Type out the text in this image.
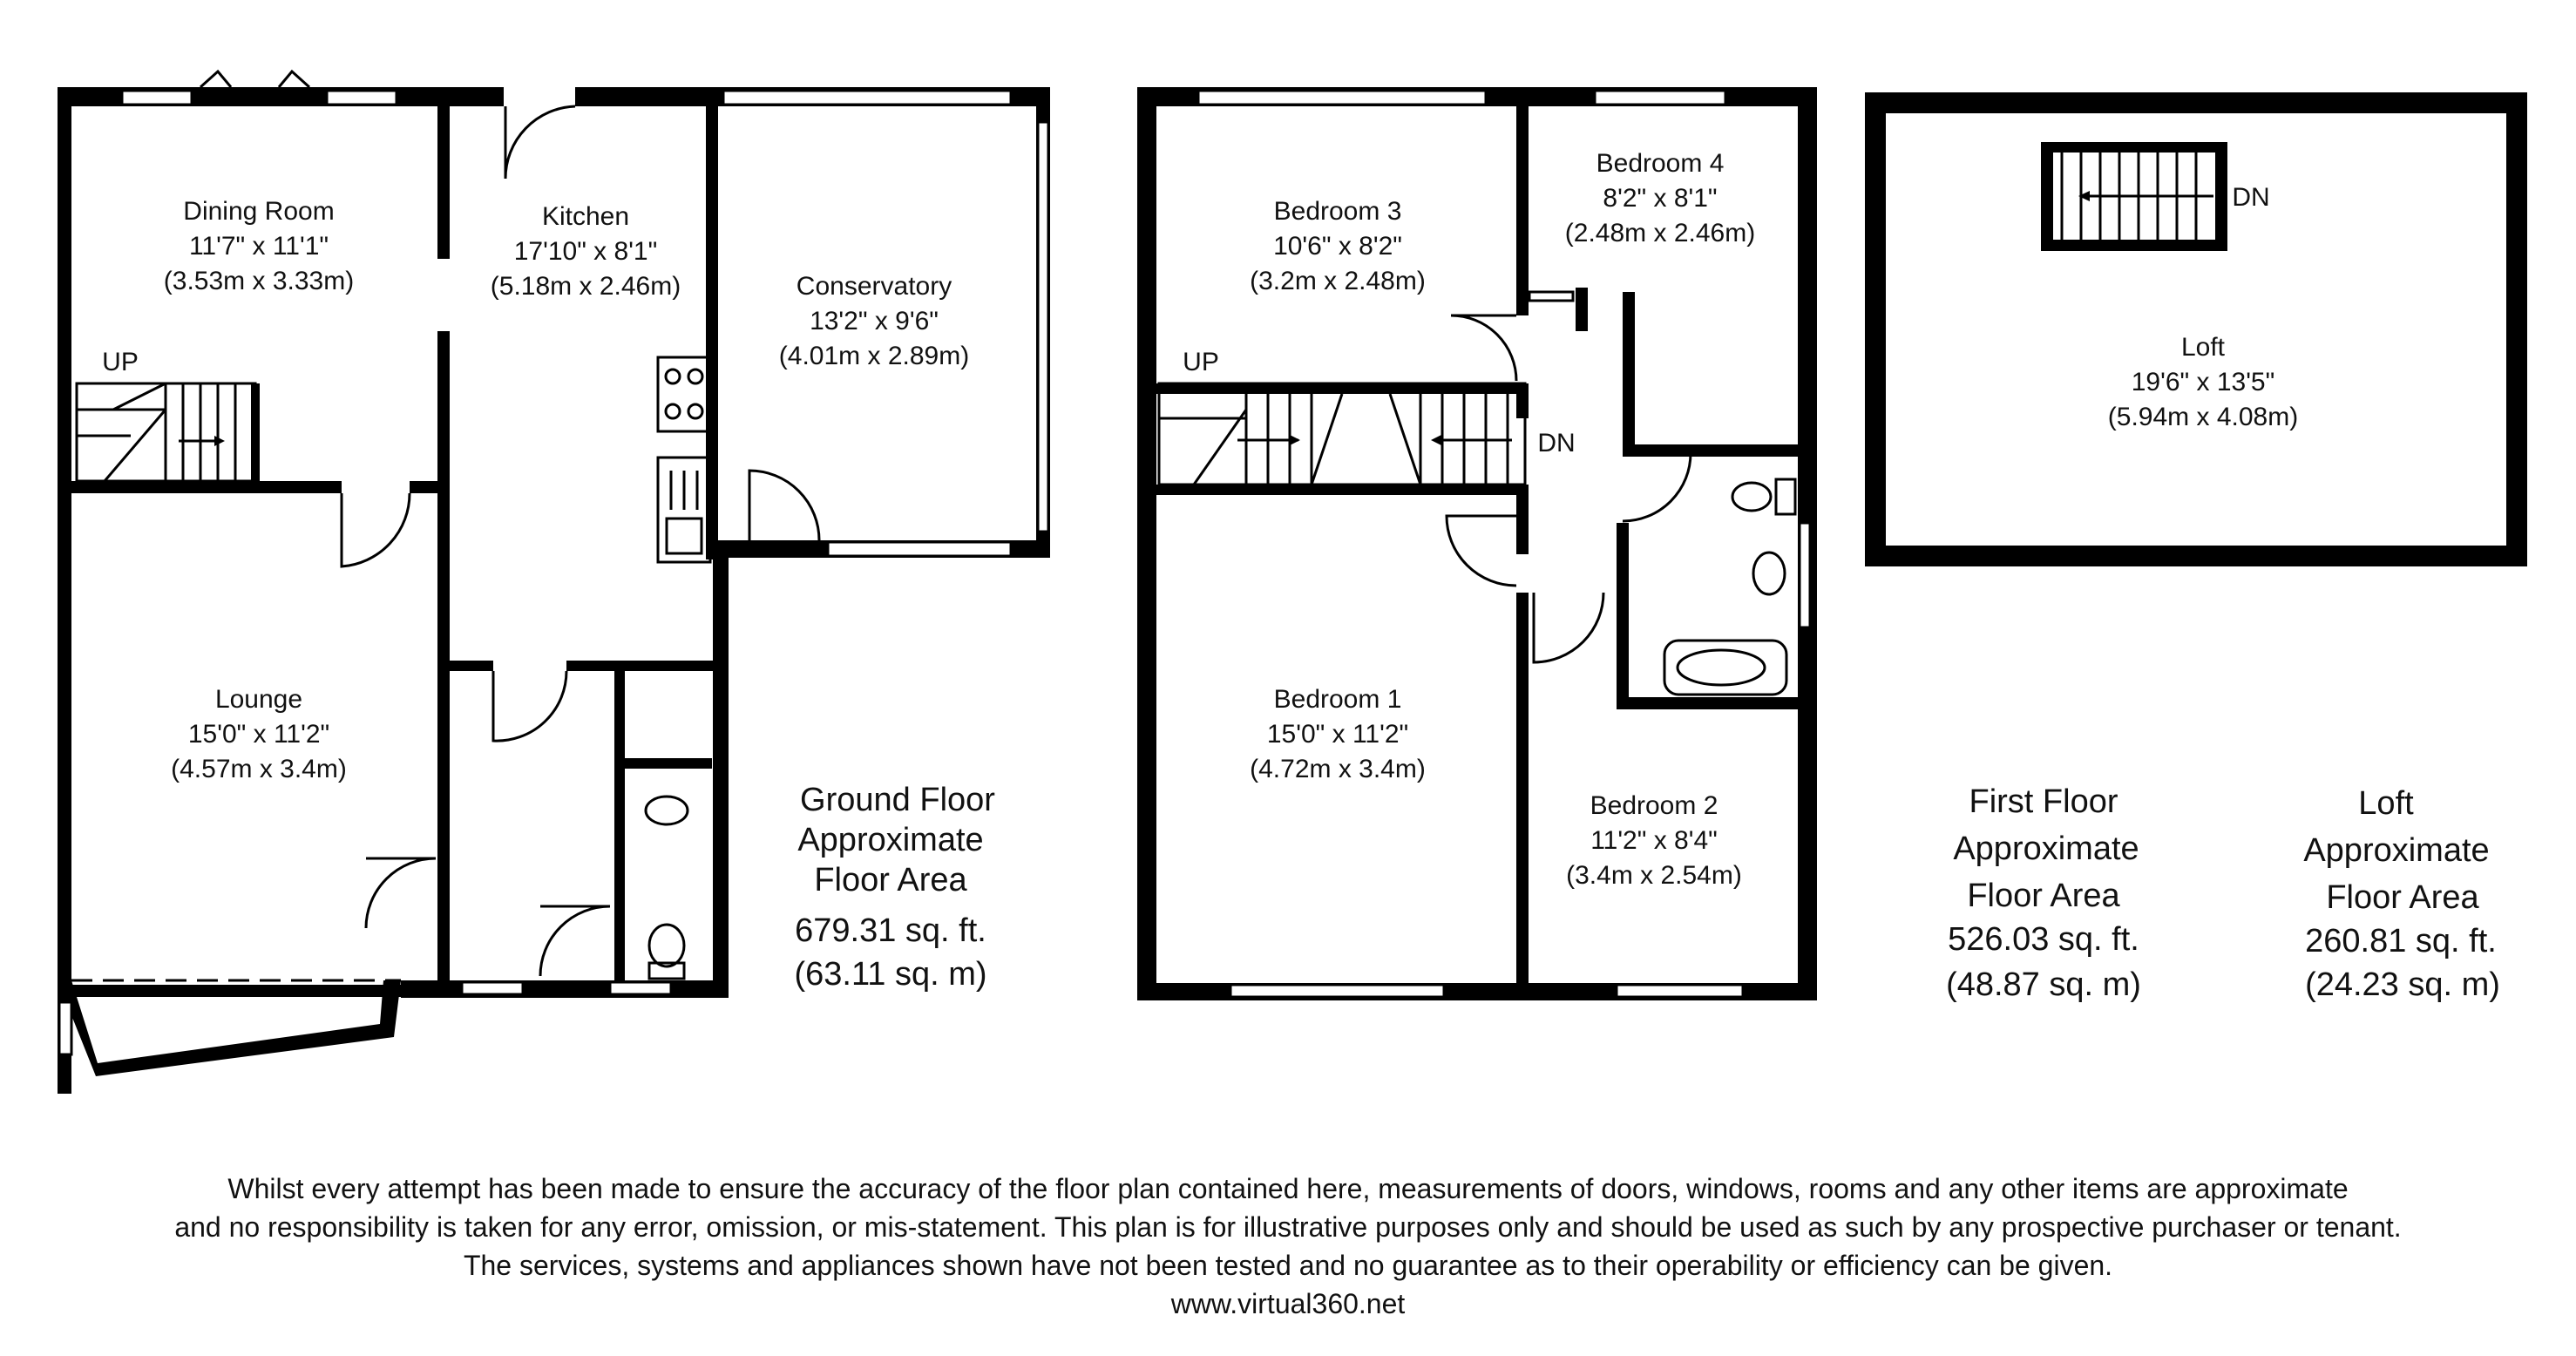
Dining Room
11'7" x 11'1"
(3.53m x 3.33m)
Kitchen
17'10" x 8'1"
(5.18m x 2.46m)	Conservatory
13'2" x 9'6"
(4.01m x 2.89m)
Lounge
15'0" x 11'2"
(4.57m x 3.4m)
UP
Ground Floor
Approximate
Floor Area
679.31 sq. ft.
(63.11 sq. m)
Bedroom 3
10'6" x 8'2"
(3.2m x 2.48m)
Bedroom 4
8'2" x 8'1"
(2.48m x 2.46m)
Bedroom 1
15'0" x 11'2"
(4.72m x 3.4m)
Bedroom 2
11'2" x 8'4"
(3.4m x 2.54m)
UP
DN
First Floor
Approximate
Floor Area
526.03 sq. ft.
(48.87 sq. m)
Loft
19'6" x 13'5"
(5.94m x 4.08m)
DN
Loft
Approximate
Floor Area
260.81 sq. ft.
(24.23 sq. m)
Whilst every attempt has been made to ensure the accuracy of the floor plan contained here, measurements of doors, windows, rooms and any other items are approximate
and no responsibility is taken for any error, omission, or mis-statement. This plan is for illustrative purposes only and should be used as such by any prospective purchaser or tenant.
The services, systems and appliances shown have not been tested and no guarantee as to their operability or efficiency can be given.
www.virtual360.net
